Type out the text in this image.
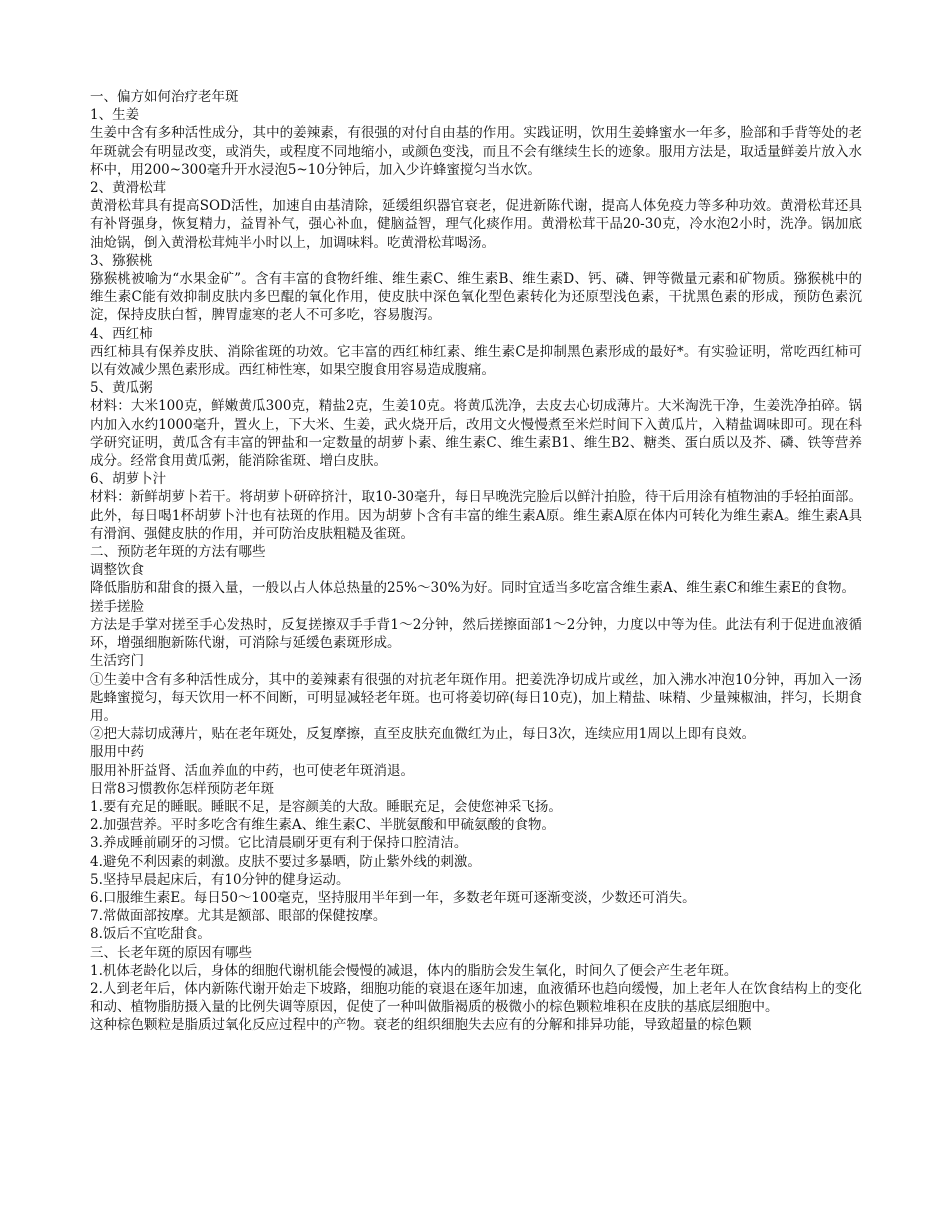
一、偏方如何治疗老年斑

1、生姜

生姜中含有多种活性成分，其中的姜辣素，有很强的对付自由基的作用。实践证明，饮用生姜蜂蜜水一年多，脸部和手背等处的老年斑就会有明显改变，或消失，或程度不同地缩小，或颜色变浅，而且不会有继续生长的迹象。服用方法是，取适量鲜姜片放入水杯中，用200~300毫升开水浸泡5~10分钟后，加入少许蜂蜜搅匀当水饮。

2、黄滑松茸

黄滑松茸具有提高SOD活性，加速自由基清除，延缓组织器官衰老，促进新陈代谢，提高人体免疫力等多种功效。黄滑松茸还具有补肾强身，恢复精力，益胃补气，强心补血，健脑益智，理气化痰作用。黄滑松茸干品20-30克，冷水泡2小时，洗净。锅加底油炝锅，倒入黄滑松茸炖半小时以上，加调味料。吃黄滑松茸喝汤。

3、猕猴桃

猕猴桃被喻为“水果金矿”。含有丰富的食物纤维、维生素C、维生素B、维生素D、钙、磷、钾等微量元素和矿物质。猕猴桃中的维生素C能有效抑制皮肤内多巴醌的氧化作用，使皮肤中深色氧化型色素转化为还原型浅色素，干扰黑色素的形成，预防色素沉淀，保持皮肤白皙，脾胃虚寒的老人不可多吃，容易腹泻。

4、西红柿

西红柿具有保养皮肤、消除雀斑的功效。它丰富的西红柿红素、维生素C是抑制黑色素形成的最好*。有实验证明，常吃西红柿可以有效减少黑色素形成。西红柿性寒，如果空腹食用容易造成腹痛。

5、黄瓜粥

材料：大米100克，鲜嫩黄瓜300克，精盐2克，生姜10克。将黄瓜洗净，去皮去心切成薄片。大米淘洗干净，生姜洗净拍碎。锅内加入水约1000毫升，置火上，下大米、生姜，武火烧开后，改用文火慢慢煮至米烂时间下入黄瓜片，入精盐调味即可。现在科学研究证明，黄瓜含有丰富的钾盐和一定数量的胡萝卜素、维生素C、维生素B1、维生B2、糖类、蛋白质以及芥、磷、铁等营养成分。经常食用黄瓜粥，能消除雀斑、增白皮肤。

6、胡萝卜汁

材料：新鲜胡萝卜若干。将胡萝卜研碎挤汁，取10-30毫升，每日早晚洗完脸后以鲜汁拍脸，待干后用涂有植物油的手轻拍面部。此外，每日喝1杯胡萝卜汁也有祛斑的作用。因为胡萝卜含有丰富的维生素A原。维生素A原在体内可转化为维生素A。维生素A具有滑润、强健皮肤的作用，并可防治皮肤粗糙及雀斑。

二、预防老年斑的方法有哪些

调整饮食

降低脂肪和甜食的摄入量，一般以占人体总热量的25%～30%为好。同时宜适当多吃富含维生素A、维生素C和维生素E的食物。

搓手搓脸

方法是手掌对搓至手心发热时，反复搓擦双手手背1～2分钟，然后搓擦面部1～2分钟，力度以中等为佳。此法有利于促进血液循环，增强细胞新陈代谢，可消除与延缓色素斑形成。

生活窍门

①生姜中含有多种活性成分，其中的姜辣素有很强的对抗老年斑作用。把姜洗净切成片或丝，加入沸水冲泡10分钟，再加入一汤匙蜂蜜搅匀，每天饮用一杯不间断，可明显减轻老年斑。也可将姜切碎(每日10克)，加上精盐、味精、少量辣椒油，拌匀，长期食用。

②把大蒜切成薄片，贴在老年斑处，反复摩擦，直至皮肤充血微红为止，每日3次，连续应用1周以上即有良效。

服用中药

服用补肝益肾、活血养血的中药，也可使老年斑消退。

日常8习惯教你怎样预防老年斑

1.要有充足的睡眠。睡眠不足，是容颜美的大敌。睡眠充足，会使您神采飞扬。

2.加强营养。平时多吃含有维生素A、维生素C、半胱氨酸和甲硫氨酸的食物。

3.养成睡前刷牙的习惯。它比清晨刷牙更有利于保持口腔清洁。

4.避免不利因素的刺激。皮肤不要过多暴晒，防止紫外线的刺激。

5.坚持早晨起床后，有10分钟的健身运动。

6.口服维生素E。每日50～100毫克，坚持服用半年到一年，多数老年斑可逐渐变淡，少数还可消失。

7.常做面部按摩。尤其是额部、眼部的保健按摩。

8.饭后不宜吃甜食。

三、长老年斑的原因有哪些

1.机体老龄化以后，身体的细胞代谢机能会慢慢的减退，体内的脂肪会发生氧化，时间久了便会产生老年斑。

2.人到老年后，体内新陈代谢开始走下坡路，细胞功能的衰退在逐年加速，血液循环也趋向缓慢，加上老年人在饮食结构上的变化和动、植物脂肪摄入量的比例失调等原因，促使了一种叫做脂褐质的极微小的棕色颗粒堆积在皮肤的基底层细胞中。

这种棕色颗粒是脂质过氧化反应过程中的产物。衰老的组织细胞失去应有的分解和排异功能，导致超量的棕色颗
